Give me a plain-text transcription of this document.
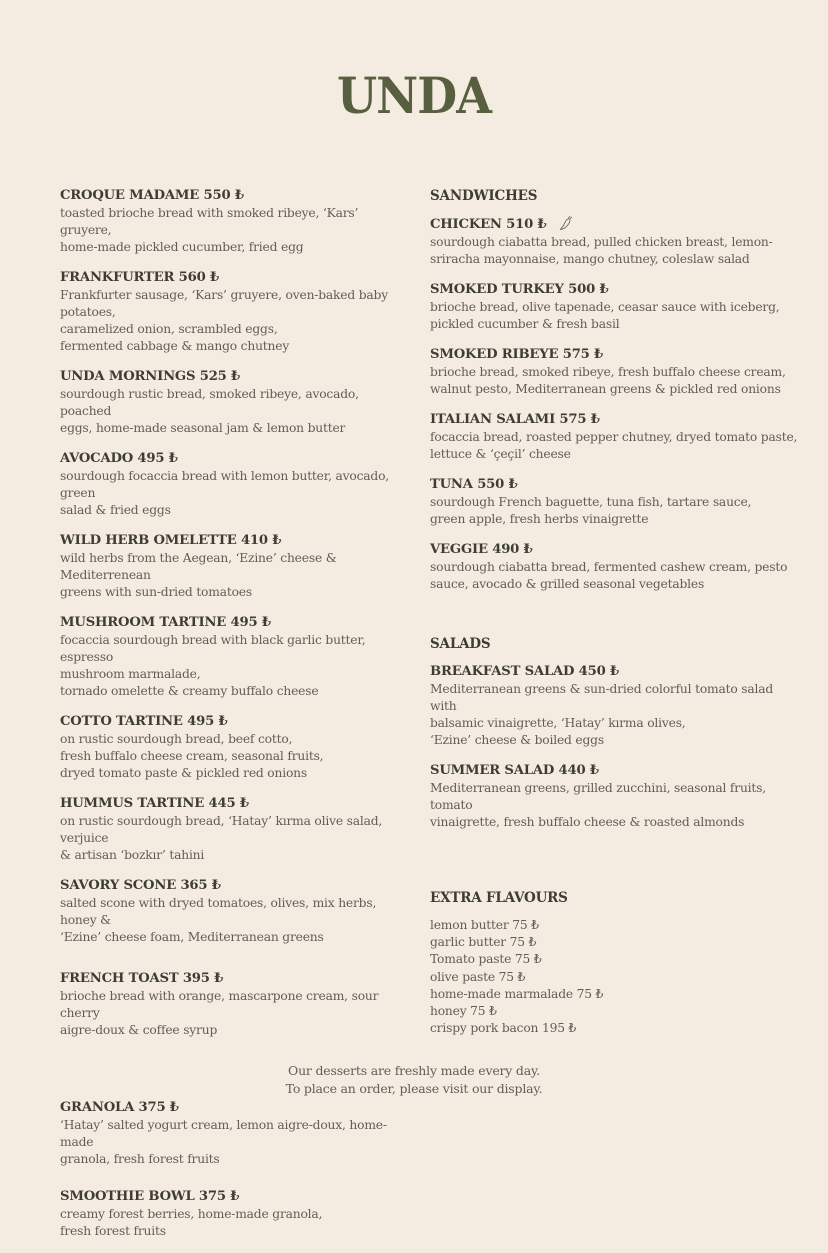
UNDA
CROQUE MADAME 550 ₺
toasted brioche bread with smoked ribeye, ‘Kars’ gruyere,
home-made pickled cucumber, fried egg
FRANKFURTER 560 ₺
Frankfurter sausage, ‘Kars’ gruyere, oven-baked baby potatoes,
caramelized onion, scrambled eggs,
fermented cabbage & mango chutney
UNDA MORNINGS 525 ₺
sourdough rustic bread, smoked ribeye, avocado, poached
eggs, home-made seasonal jam & lemon butter
AVOCADO 495 ₺
sourdough focaccia bread with lemon butter, avocado, green
salad & fried eggs
WILD HERB OMELETTE 410 ₺
wild herbs from the Aegean, ‘Ezine’ cheese & Mediterrenean
greens with sun-dried tomatoes
MUSHROOM TARTINE 495 ₺
focaccia sourdough bread with black garlic butter, espresso
mushroom marmalade,
tornado omelette & creamy buffalo cheese
COTTO TARTINE 495 ₺
on rustic sourdough bread, beef cotto,
fresh buffalo cheese cream, seasonal fruits,
dryed tomato paste & pickled red onions
HUMMUS TARTINE 445 ₺
on rustic sourdough bread, ‘Hatay’ kırma olive salad, verjuice
& artisan ‘bozkır’ tahini
SAVORY SCONE 365 ₺
salted scone with dryed tomatoes, olives, mix herbs, honey &
‘Ezine’ cheese foam, Mediterranean greens
FRENCH TOAST 395 ₺
brioche bread with orange, mascarpone cream, sour cherry
aigre-doux & coffee syrup
GRANOLA 375 ₺
‘Hatay’ salted yogurt cream, lemon aigre-doux, home-made
granola, fresh forest fruits
SMOOTHIE BOWL 375 ₺
creamy forest berries, home-made granola,
fresh forest fruits
SANDWICHES
CHICKEN 510 ₺
sourdough ciabatta bread, pulled chicken breast, lemon-
sriracha mayonnaise, mango chutney, coleslaw salad
SMOKED TURKEY 500 ₺
brioche bread, olive tapenade, ceasar sauce with iceberg,
pickled cucumber & fresh basil
SMOKED RIBEYE 575 ₺
brioche bread, smoked ribeye, fresh buffalo cheese cream,
walnut pesto, Mediterranean greens & pickled red onions
ITALIAN SALAMI 575 ₺
focaccia bread, roasted pepper chutney, dryed tomato paste,
lettuce & ‘çeçil’ cheese
TUNA 550 ₺
sourdough French baguette, tuna fish, tartare sauce,
green apple, fresh herbs vinaigrette
VEGGIE 490 ₺
sourdough ciabatta bread, fermented cashew cream, pesto
sauce, avocado & grilled seasonal vegetables
SALADS
BREAKFAST SALAD 450 ₺
Mediterranean greens & sun-dried colorful tomato salad with
balsamic vinaigrette, ‘Hatay’ kırma olives,
‘Ezine’ cheese & boiled eggs
SUMMER SALAD 440 ₺
Mediterranean greens, grilled zucchini, seasonal fruits, tomato
vinaigrette, fresh buffalo cheese & roasted almonds
EXTRA FLAVOURS
lemon butter 75 ₺
garlic butter 75 ₺
Tomato paste 75 ₺
olive paste 75 ₺
home-made marmalade 75 ₺
honey 75 ₺
crispy pork bacon 195 ₺
Our desserts are freshly made every day.
To place an order, please visit our display.
